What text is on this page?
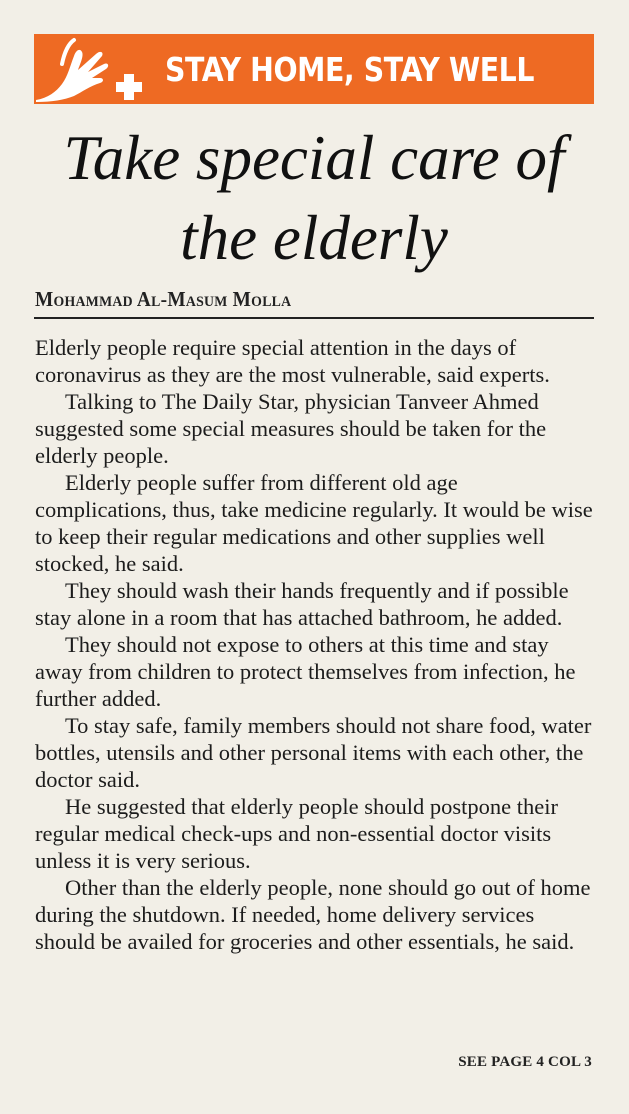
STAY HOME, STAY WELL
Take special care of
the elderly
Mohammad Al-Masum Molla

Elderly people require special attention in the days of coronavirus as they are the most vulnerable, said experts.

Talking to The Daily Star, physician Tanveer Ahmed suggested some special measures should be taken for the elderly people.

Elderly people suffer from different old age complications, thus, take medicine regularly. It would be wise to keep their regular medications and other supplies well stocked, he said.

They should wash their hands frequently and if possible stay alone in a room that has attached bathroom, he added.

They should not expose to others at this time and stay away from children to protect themselves from infection, he further added.

To stay safe, family members should not share food, water bottles, utensils and other personal items with each other, the doctor said.

He suggested that elderly people should postpone their regular medical check-ups and non-essential doctor visits unless it is very serious.

Other than the elderly people, none should go out of home during the shutdown. If needed, home delivery services should be availed for groceries and other essentials, he said.

SEE PAGE 4 COL 3
